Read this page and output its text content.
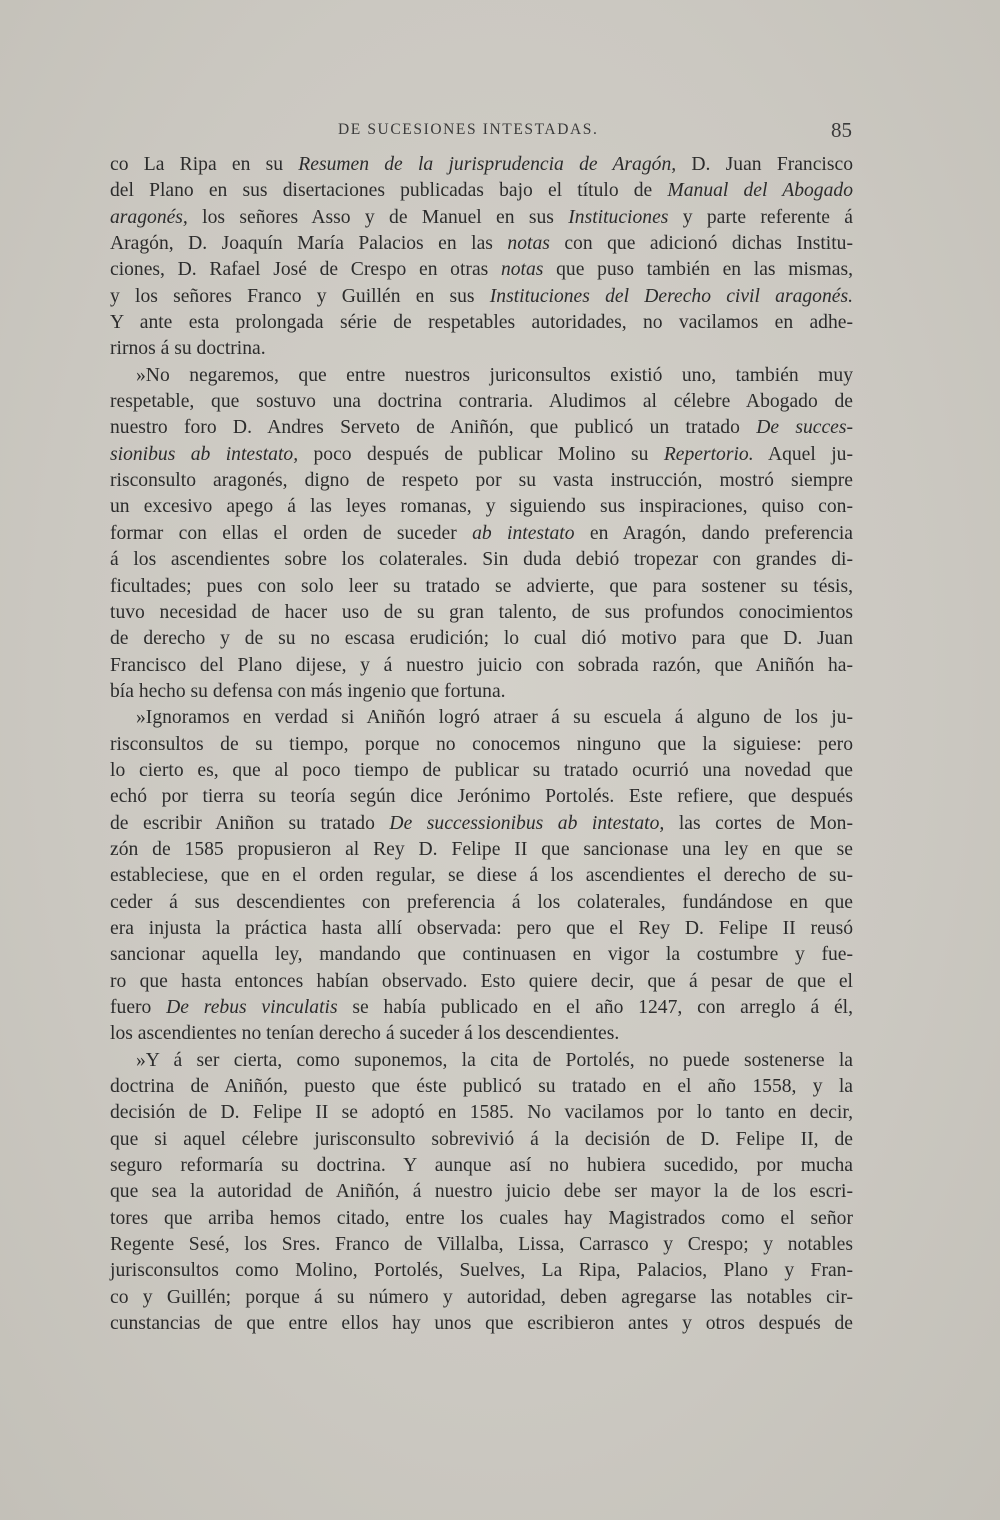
DE SUCESIONES INTESTADAS.	85
co La Ripa en su Resumen de la jurisprudencia de Aragón, D. Juan Francisco
del Plano en sus disertaciones publicadas bajo el título de Manual del Abogado
aragonés, los señores Asso y de Manuel en sus Instituciones y parte referente á
Aragón, D. Joaquín María Palacios en las notas con que adicionó dichas Institu-
ciones, D. Rafael José de Crespo en otras notas que puso también en las mismas,
y los señores Franco y Guillén en sus Instituciones del Derecho civil aragonés.
Y ante esta prolongada série de respetables autoridades, no vacilamos en adhe-
rirnos á su doctrina.
»No negaremos, que entre nuestros juriconsultos existió uno, también muy
respetable, que sostuvo una doctrina contraria. Aludimos al célebre Abogado de
nuestro foro D. Andres Serveto de Aniñón, que publicó un tratado De succes-
sionibus ab intestato, poco después de publicar Molino su Repertorio. Aquel ju-
risconsulto aragonés, digno de respeto por su vasta instrucción, mostró siempre
un excesivo apego á las leyes romanas, y siguiendo sus inspiraciones, quiso con-
formar con ellas el orden de suceder ab intestato en Aragón, dando preferencia
á los ascendientes sobre los colaterales. Sin duda debió tropezar con grandes di-
ficultades; pues con solo leer su tratado se advierte, que para sostener su tésis,
tuvo necesidad de hacer uso de su gran talento, de sus profundos conocimientos
de derecho y de su no escasa erudición; lo cual dió motivo para que D. Juan
Francisco del Plano dijese, y á nuestro juicio con sobrada razón, que Aniñón ha-
bía hecho su defensa con más ingenio que fortuna.
»Ignoramos en verdad si Aniñón logró atraer á su escuela á alguno de los ju-
risconsultos de su tiempo, porque no conocemos ninguno que la siguiese: pero
lo cierto es, que al poco tiempo de publicar su tratado ocurrió una novedad que
echó por tierra su teoría según dice Jerónimo Portolés. Este refiere, que después
de escribir Aniñon su tratado De successionibus ab intestato, las cortes de Mon-
zón de 1585 propusieron al Rey D. Felipe II que sancionase una ley en que se
estableciese, que en el orden regular, se diese á los ascendientes el derecho de su-
ceder á sus descendientes con preferencia á los colaterales, fundándose en que
era injusta la práctica hasta allí observada: pero que el Rey D. Felipe II reusó
sancionar aquella ley, mandando que continuasen en vigor la costumbre y fue-
ro que hasta entonces habían observado. Esto quiere decir, que á pesar de que el
fuero De rebus vinculatis se había publicado en el año 1247, con arreglo á él,
los ascendientes no tenían derecho á suceder á los descendientes.
»Y á ser cierta, como suponemos, la cita de Portolés, no puede sostenerse la
doctrina de Aniñón, puesto que éste publicó su tratado en el año 1558, y la
decisión de D. Felipe II se adoptó en 1585. No vacilamos por lo tanto en decir,
que si aquel célebre jurisconsulto sobrevivió á la decisión de D. Felipe II, de
seguro reformaría su doctrina. Y aunque así no hubiera sucedido, por mucha
que sea la autoridad de Aniñón, á nuestro juicio debe ser mayor la de los escri-
tores que arriba hemos citado, entre los cuales hay Magistrados como el señor
Regente Sesé, los Sres. Franco de Villalba, Lissa, Carrasco y Crespo; y notables
jurisconsultos como Molino, Portolés, Suelves, La Ripa, Palacios, Plano y Fran-
co y Guillén; porque á su número y autoridad, deben agregarse las notables cir-
cunstancias de que entre ellos hay unos que escribieron antes y otros después de
